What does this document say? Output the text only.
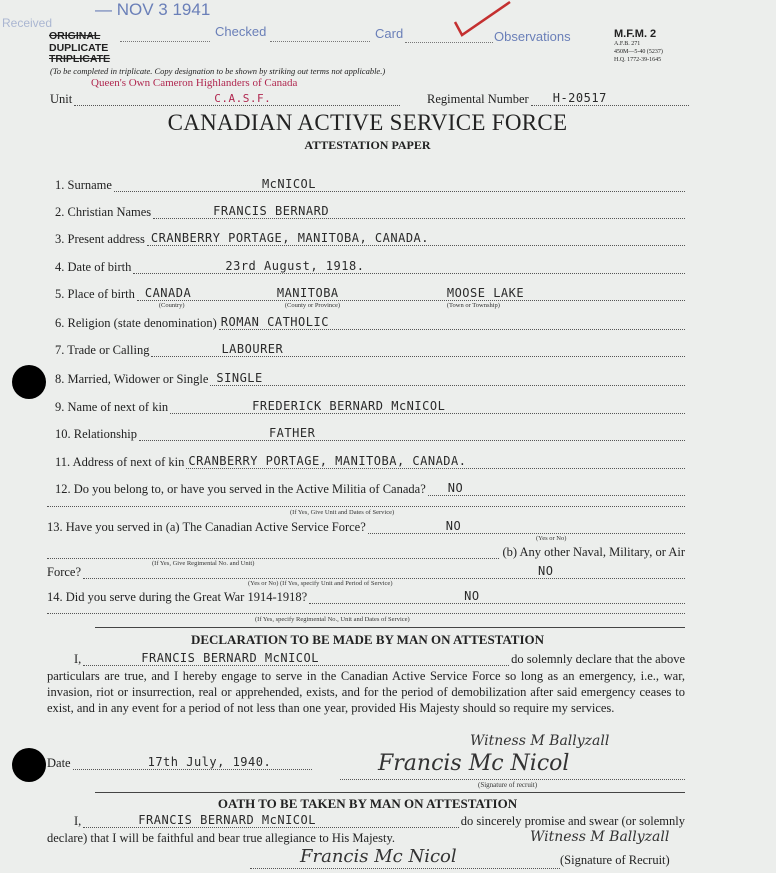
— NOV 3 1941
Received
Checked	Card	Observations
ORIGINAL
DUPLICATE
TRIPLICATE
M.F.M. 2
A.F.B. 271
450M—5-40 (5237)
H.Q. 1772-39-1645
(To be completed in triplicate. Copy designation to be shown by striking out terms not applicable.)
Queen's Own Cameron Highlanders of Canada
Unit	C.A.S.F.	Regimental Number H-20517
CANADIAN ACTIVE SERVICE FORCE
ATTESTATION PAPER
1. Surname	McNICOL
2. Christian Names	FRANCIS BERNARD
3. Present address CRANBERRY PORTAGE, MANITOBA, CANADA.
4. Date of birth	23rd August, 1918.
5. Place of birth CANADA	MANITOBA	MOOSE LAKE
(Country)	(County or Province)	(Town or Township)
6. Religion (state denomination) ROMAN CATHOLIC
7. Trade or Calling	LABOURER
8. Married, Widower or Single SINGLE
9. Name of next of kin	FREDERICK BERNARD McNICOL
10. Relationship	FATHER
11. Address of next of kin CRANBERRY PORTAGE, MANITOBA, CANADA.
12. Do you belong to, or have you served in the Active Militia of Canada? NO
(If Yes, Give Unit and Dates of Service)
13. Have you served in (a) The Canadian Active Service Force?	NO
(Yes or No)
(b) Any other Naval, Military, or Air
(If Yes, Give Regimental No. and Unit)
Force?	NO
(Yes or No) (If Yes, specify Unit and Period of Service)
14. Did you serve during the Great War 1914-1918?	NO
(If Yes, specify Regimental No., Unit and Dates of Service)
DECLARATION TO BE MADE BY MAN ON ATTESTATION
I,	FRANCIS BERNARD McNICOL	do solemnly declare that the above

particulars are true, and I hereby engage to serve in the Canadian Active Service Force so long as an emergency, i.e., war, invasion, riot or insurrection, real or apprehended, exists, and for the period of demobilization after said emergency ceases to exist, and in any event for a period of not less than one year, provided His Majesty should so require my services.

Witness M Ballyzall
Date	17th July, 1940.	Francis Mc Nicol
(Signature of recruit)
OATH TO BE TAKEN BY MAN ON ATTESTATION
I,	FRANCIS BERNARD McNICOL	do sincerely promise and swear (or solemnly
declare) that I will be faithful and bear true allegiance to His Majesty.	Witness M Ballyzall
Francis Mc Nicol	(Signature of Recruit)
